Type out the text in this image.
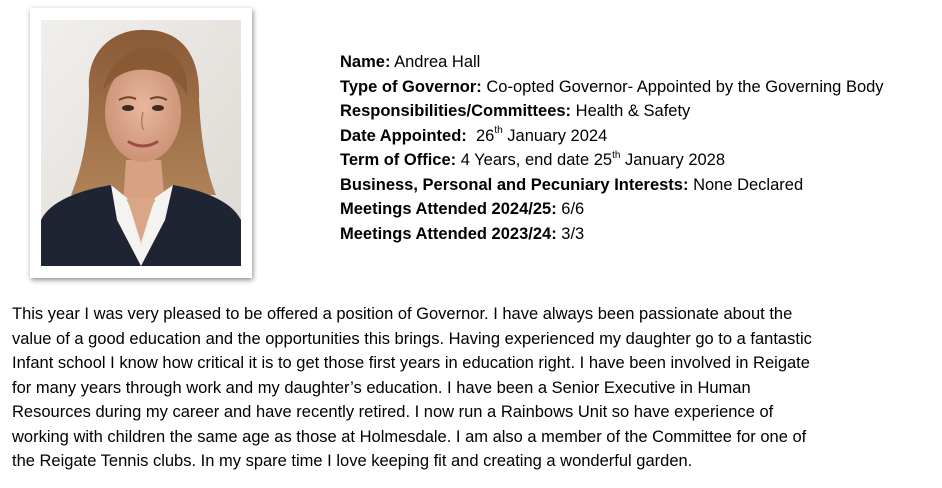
Name: Andrea Hall
Type of Governor: Co-opted Governor- Appointed by the Governing Body
Responsibilities/Committees: Health & Safety
Date Appointed: 26th January 2024
Term of Office: 4 Years, end date 25th January 2028
Business, Personal and Pecuniary Interests: None Declared
Meetings Attended 2024/25: 6/6
Meetings Attended 2023/24: 3/3
This year I was very pleased to be offered a position of Governor. I have always been passionate about the
value of a good education and the opportunities this brings. Having experienced my daughter go to a fantastic
Infant school I know how critical it is to get those first years in education right. I have been involved in Reigate
for many years through work and my daughter’s education. I have been a Senior Executive in Human
Resources during my career and have recently retired. I now run a Rainbows Unit so have experience of
working with children the same age as those at Holmesdale. I am also a member of the Committee for one of
the Reigate Tennis clubs. In my spare time I love keeping fit and creating a wonderful garden.
